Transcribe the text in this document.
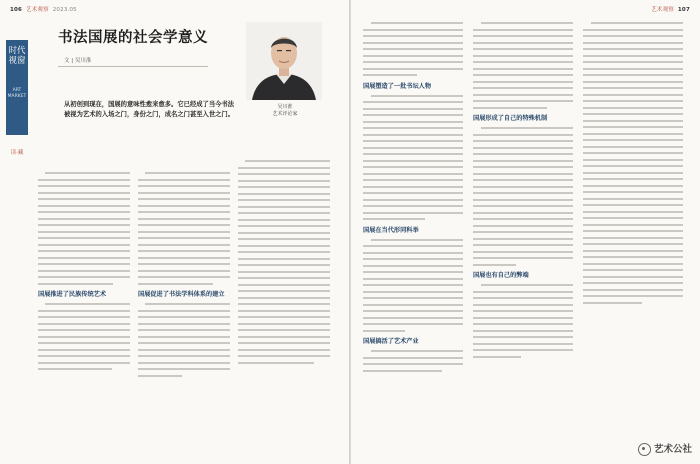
106 艺术观察 2023.05
时代视窗
ART MARKET
读·藏
书法国展的社会学意义
文 | 吴川淮
从初创到现在，国展的意味性愈来愈多。它已经成了当今书法被视为艺术的入场之门，身份之门，成名之门甚至入世之门。
吴川淮
艺术评论家
国展推进了民族传统艺术	国展促进了书法学科体系的建立
艺术观察 107
国展塑造了一批书坛人物
国展在当代形同科举
国展搞活了艺术产业
国展形成了自己的特殊机制
国展也有自己的弊端
艺术公社
